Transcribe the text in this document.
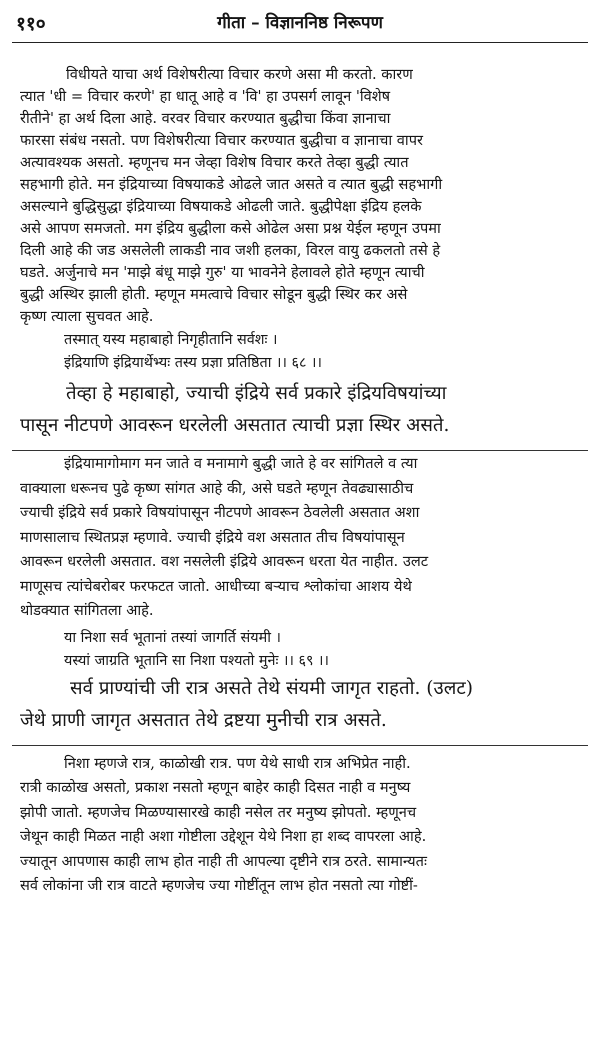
११०	गीता – विज्ञाननिष्ठ निरूपण
विधीयते याचा अर्थ विशेषरीत्या विचार करणे असा मी करतो. कारण
त्यात 'धी = विचार करणे' हा धातू आहे व 'वि' हा उपसर्ग लावून 'विशेष
रीतीने' हा अर्थ दिला आहे. वरवर विचार करण्यात बुद्धीचा किंवा ज्ञानाचा
फारसा संबंध नसतो. पण विशेषरीत्या विचार करण्यात बुद्धीचा व ज्ञानाचा वापर
अत्यावश्यक असतो. म्हणूनच मन जेव्हा विशेष विचार करते तेव्हा बुद्धी त्यात
सहभागी होते. मन इंद्रियाच्या विषयाकडे ओढले जात असते व त्यात बुद्धी सहभागी
असल्याने बुद्धिसुद्धा इंद्रियाच्या विषयाकडे ओढली जाते. बुद्धीपेक्षा इंद्रिय हलके
असे आपण समजतो. मग इंद्रिय बुद्धीला कसे ओढेल असा प्रश्न येईल म्हणून उपमा
दिली आहे की जड असलेली लाकडी नाव जशी हलका, विरल वायु ढकलतो तसे हे
घडते. अर्जुनाचे मन 'माझे बंधू माझे गुरु' या भावनेने हेलावले होते म्हणून त्याची
बुद्धी अस्थिर झाली होती. म्हणून ममत्वाचे विचार सोडून बुद्धी स्थिर कर असे
कृष्ण त्याला सुचवत आहे.
तस्मात् यस्य महाबाहो निगृहीतानि सर्वशः ।
इंद्रियाणि इंद्रियार्थेभ्यः तस्य प्रज्ञा प्रतिष्ठिता ।। ६८ ।।
तेव्हा हे महाबाहो, ज्याची इंद्रिये सर्व प्रकारे इंद्रियविषयांच्या
पासून नीटपणे आवरून धरलेली असतात त्याची प्रज्ञा स्थिर असते.
इंद्रियामागोमाग मन जाते व मनामागे बुद्धी जाते हे वर सांगितले व त्या
वाक्याला धरूनच पुढे कृष्ण सांगत आहे की, असे घडते म्हणून तेवढ्यासाठीच
ज्याची इंद्रिये सर्व प्रकारे विषयांपासून नीटपणे आवरून ठेवलेली असतात अशा
माणसालाच स्थितप्रज्ञ म्हणावे. ज्याची इंद्रिये वश असतात तीच विषयांपासून
आवरून धरलेली असतात. वश नसलेली इंद्रिये आवरून धरता येत नाहीत. उलट
माणूसच त्यांचेबरोबर फरफटत जातो. आधीच्या बऱ्याच श्लोकांचा आशय येथे
थोडक्यात सांगितला आहे.
या निशा सर्व भूतानां तस्यां जागर्ति संयमी ।
यस्यां जाग्रति भूतानि सा निशा पश्यतो मुनेः ।। ६९ ।।
सर्व प्राण्यांची जी रात्र असते तेथे संयमी जागृत राहतो. (उलट)
जेथे प्राणी जागृत असतात तेथे द्रष्टया मुनीची रात्र असते.
निशा म्हणजे रात्र, काळोखी रात्र. पण येथे साधी रात्र अभिप्रेत नाही.
रात्री काळोख असतो, प्रकाश नसतो म्हणून बाहेर काही दिसत नाही व मनुष्य
झोपी जातो. म्हणजेच मिळण्यासारखे काही नसेल तर मनुष्य झोपतो. म्हणूनच
जेथून काही मिळत नाही अशा गोष्टीला उद्देशून येथे निशा हा शब्द वापरला आहे.
ज्यातून आपणास काही लाभ होत नाही ती आपल्या दृष्टीने रात्र ठरते. सामान्यतः
सर्व लोकांना जी रात्र वाटते म्हणजेच ज्या गोष्टींतून लाभ होत नसतो त्या गोष्टीं-
